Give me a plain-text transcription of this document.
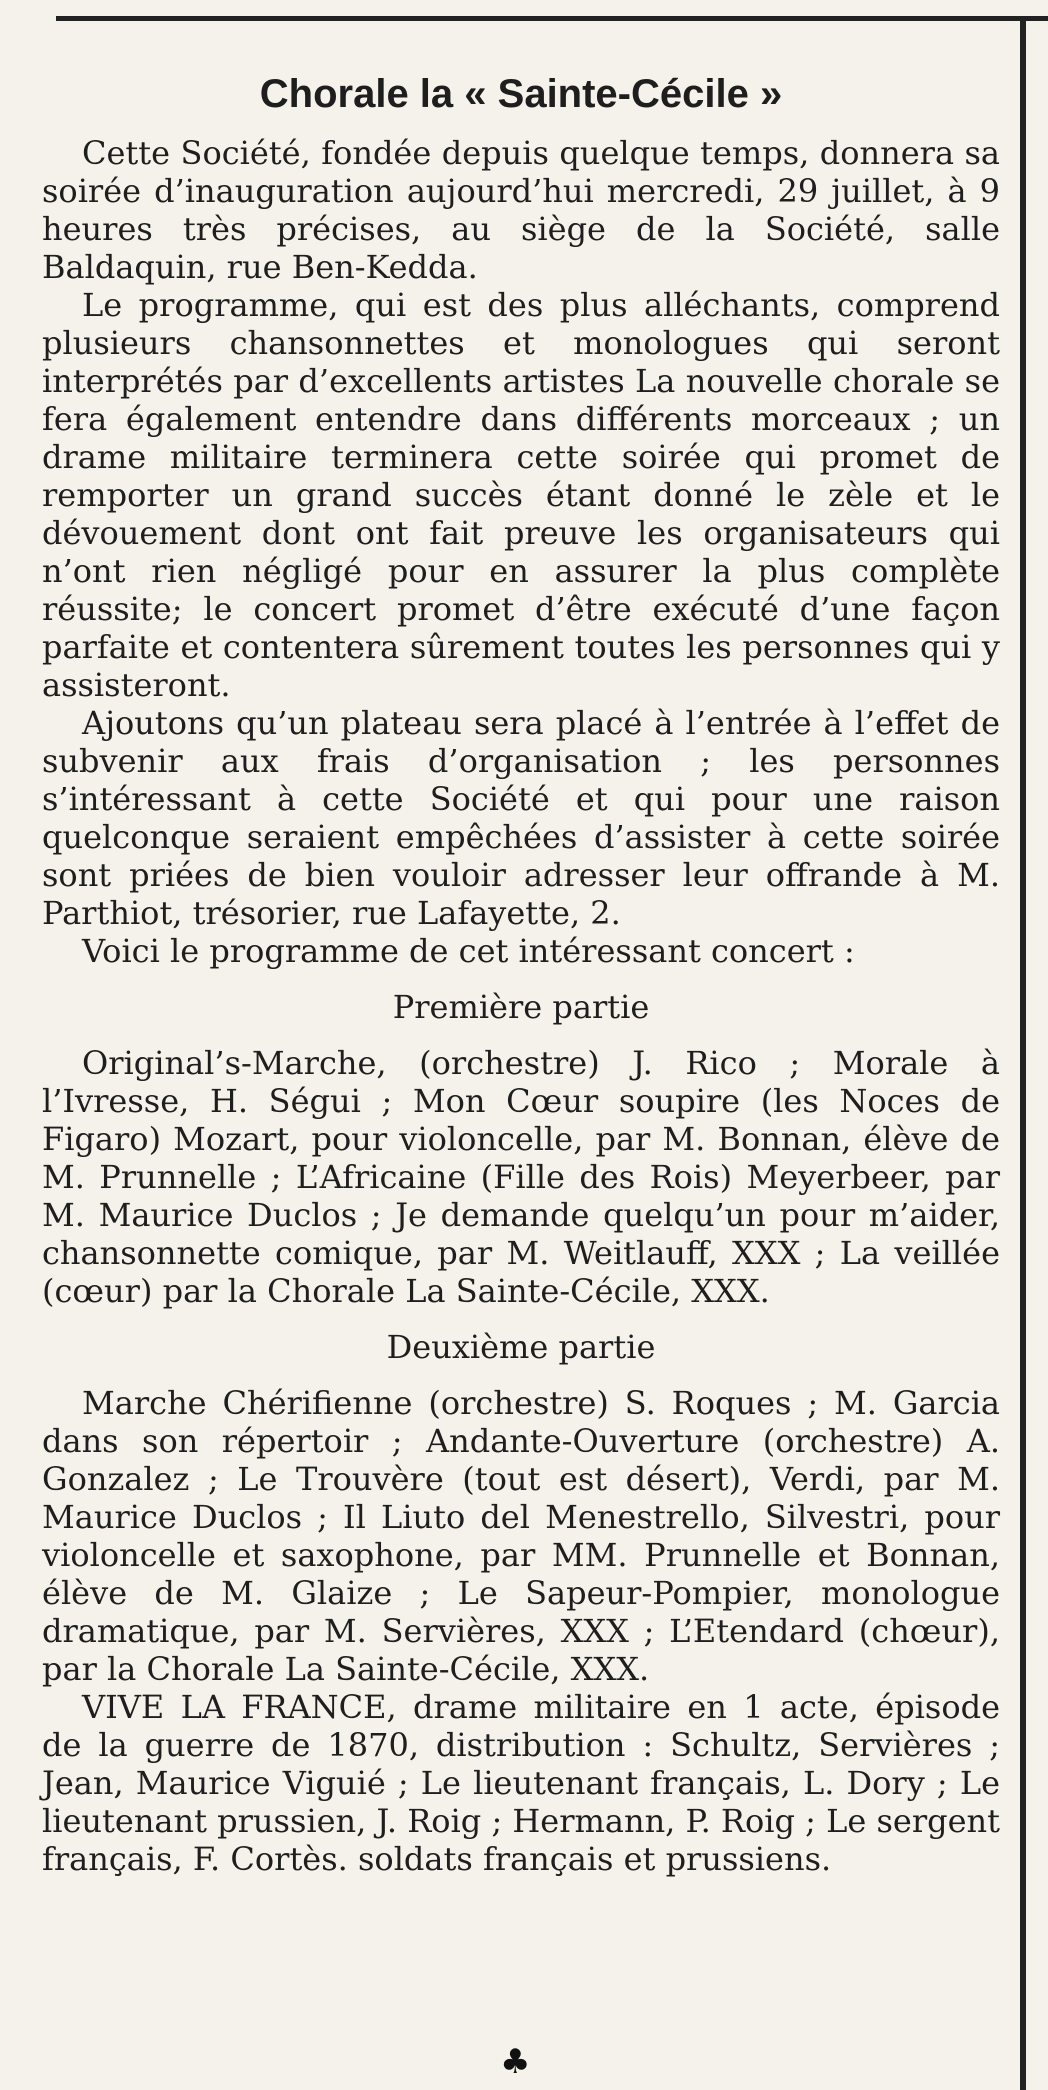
Chorale la « Sainte-Cécile »

Cette Société, fondée depuis quelque temps, donnera sa soirée d’inauguration aujourd’hui mercredi, 29 juillet, à 9 heures très précises, au siège de la Société, salle Baldaquin, rue Ben-Kedda.

Le programme, qui est des plus alléchants, comprend plusieurs chansonnettes et monologues qui seront interprétés par d’excellents artistes La nouvelle chorale se fera également entendre dans différents morceaux ; un drame militaire terminera cette soirée qui promet de remporter un grand succès étant donné le zèle et le dévouement dont ont fait preuve les organisateurs qui n’ont rien négligé pour en assurer la plus complète réussite; le concert promet d’être exécuté d’une façon parfaite et contentera sûrement toutes les personnes qui y assisteront.

Ajoutons qu’un plateau sera placé à l’entrée à l’effet de subvenir aux frais d’organisation ; les personnes s’intéressant à cette Société et qui pour une raison quelconque seraient empêchées d’assister à cette soirée sont priées de bien vouloir adresser leur offrande à M. Parthiot, trésorier, rue Lafayette, 2.

Voici le programme de cet intéressant concert :

Première partie

Original’s-Marche, (orchestre) J. Rico ; Morale à l’Ivresse, H. Ségui ; Mon Cœur soupire (les Noces de Figaro) Mozart, pour violoncelle, par M. Bonnan, élève de M. Prunnelle ; L’Africaine (Fille des Rois) Meyerbeer, par M. Maurice Duclos ; Je demande quelqu’un pour m’aider, chansonnette comique, par M. Weitlauff, XXX ; La veillée (cœur) par la Chorale La Sainte-Cécile, XXX.

Deuxième partie

Marche Chérifienne (orchestre) S. Roques ; M. Garcia dans son répertoir ; Andante-Ouverture (orchestre) A. Gonzalez ; Le Trouvère (tout est désert), Verdi, par M. Maurice Duclos ; Il Liuto del Menestrello, Silvestri, pour violoncelle et saxophone, par MM. Prunnelle et Bonnan, élève de M. Glaize ; Le Sapeur-Pompier, monologue dramatique, par M. Servières, XXX ; L’Etendard (chœur), par la Chorale La Sainte-Cécile, XXX.

VIVE LA FRANCE, drame militaire en 1 acte, épisode de la guerre de 1870, distribution : Schultz, Servières ; Jean, Maurice Viguié ; Le lieutenant français, L. Dory ; Le lieutenant prussien, J. Roig ; Hermann, P. Roig ; Le sergent français, F. Cortès. soldats français et prussiens.

♣
